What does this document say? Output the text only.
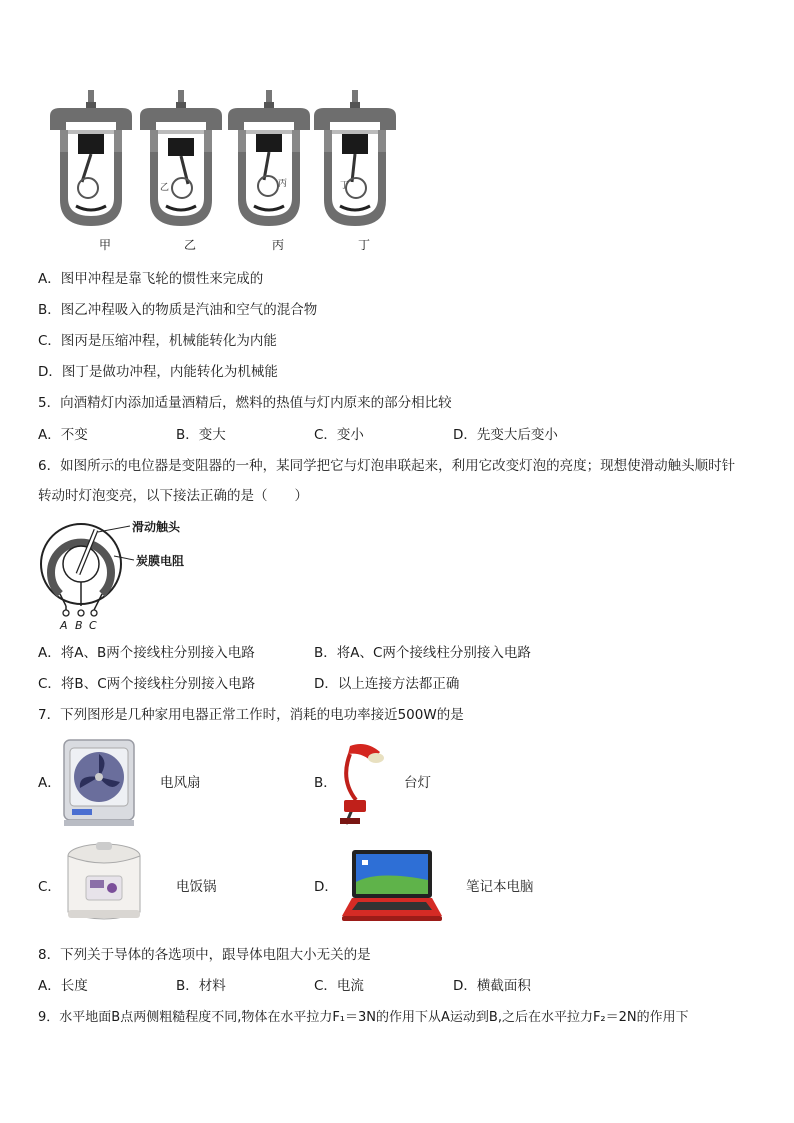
乙	丙	丁
甲	乙	丙	丁
A．图甲冲程是靠飞轮的惯性来完成的
B．图乙冲程吸入的物质是汽油和空气的混合物
C．图丙是压缩冲程，机械能转化为内能
D．图丁是做功冲程，内能转化为机械能
5．向酒精灯内添加适量酒精后，燃料的热值与灯内原来的部分相比较
A．不变	B．变大	C．变小	D．先变大后变小
6．如图所示的电位器是变阻器的一种，某同学把它与灯泡串联起来，利用它改变灯泡的亮度；现想使滑动触头顺时针
转动时灯泡变亮，以下接法正确的是（　　）
滑动触头
炭膜电阻
A B C
A．将A、B两个接线柱分别接入电路	B．将A、C两个接线柱分别接入电路
C．将B、C两个接线柱分别接入电路	D．以上连接方法都正确
7．下列图形是几种家用电器正常工作时，消耗的电功率接近500W的是
A．	电风扇	B．	台灯
C．	电饭锅	D．	笔记本电脑
8．下列关于导体的各选项中，跟导体电阻大小无关的是
A．长度	B．材料	C．电流	D．横截面积
9．水平地面B点两侧粗糙程度不同,物体在水平拉力F₁＝3N的作用下从A运动到B,之后在水平拉力F₂＝2N的作用下
